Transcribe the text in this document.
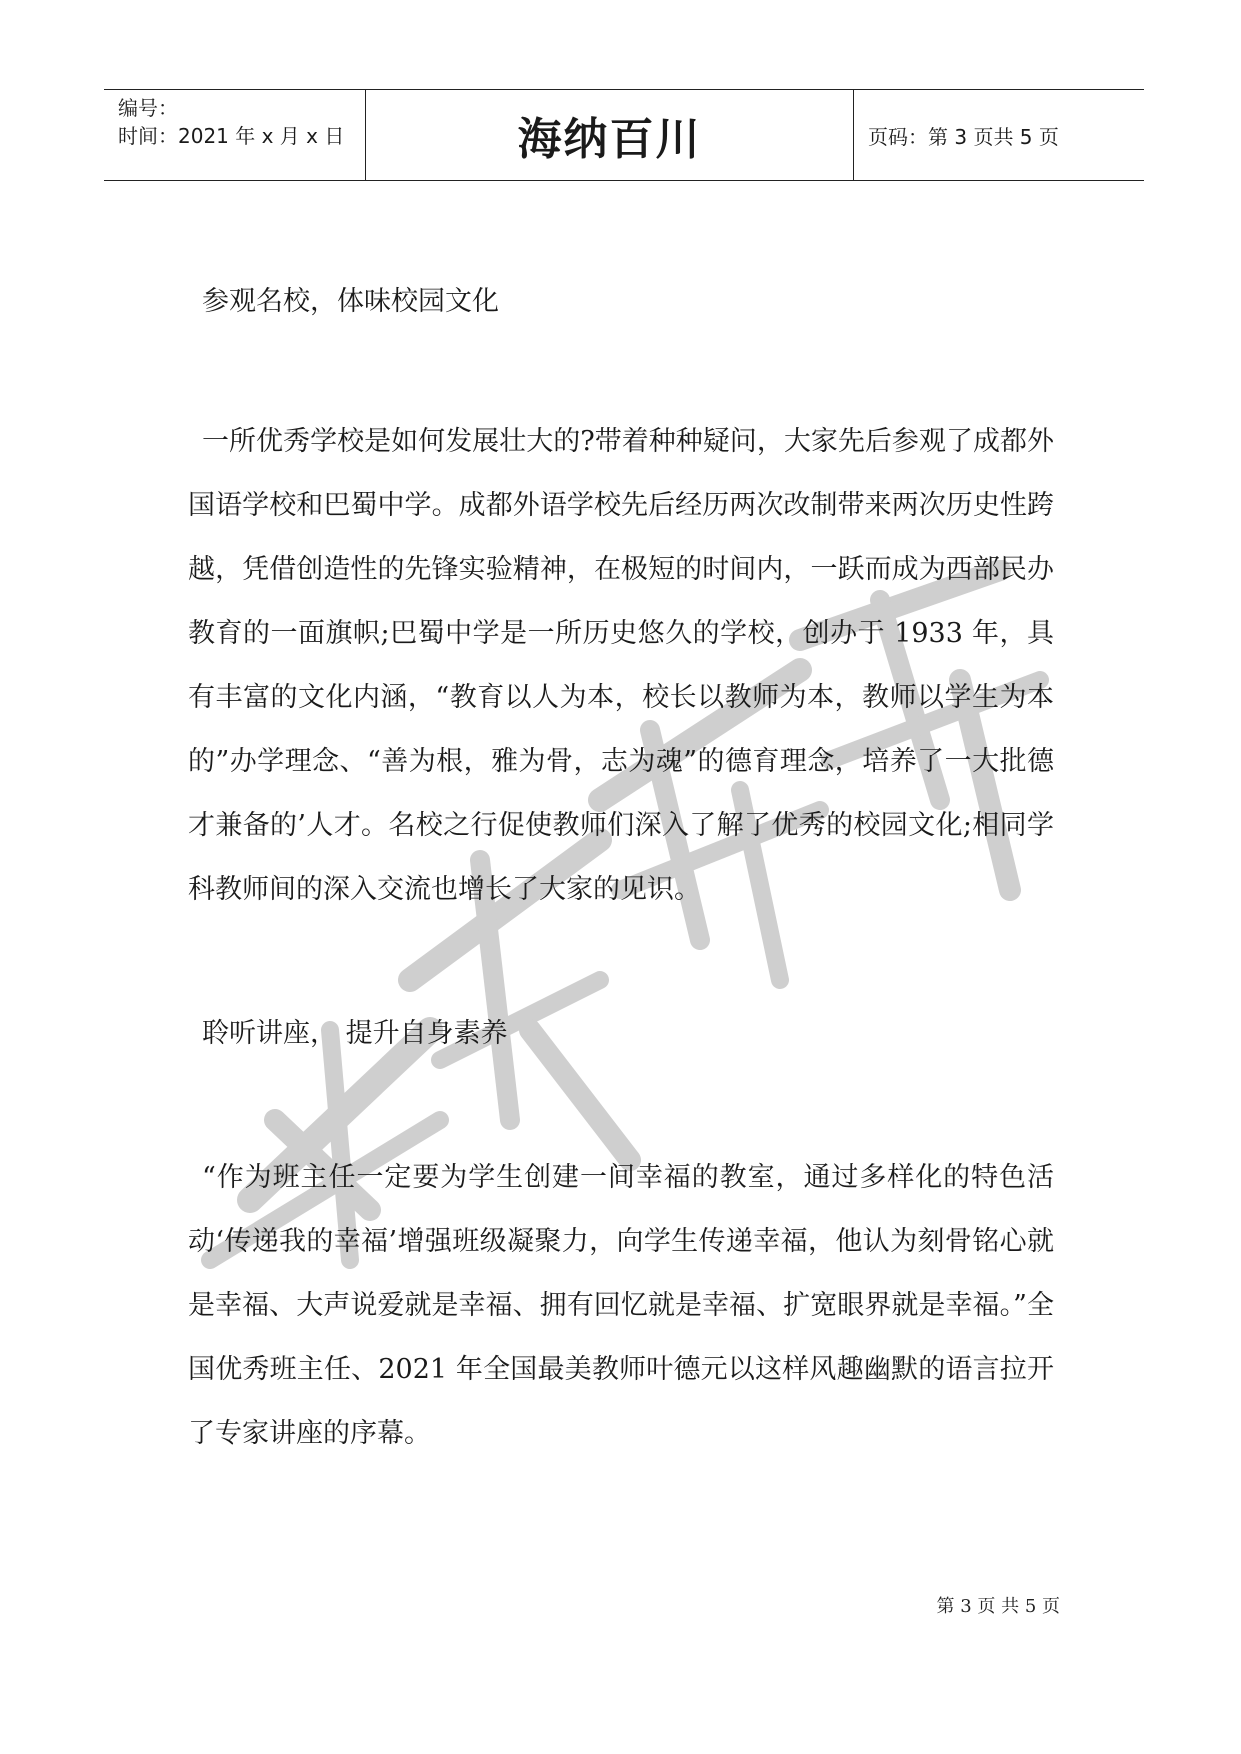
编号：
时间：2021 年 x 月 x 日	海纳百川	页码：第 3 页共 5 页

参观名校，体味校园文化

一所优秀学校是如何发展壮大的?带着种种疑问，大家先后参观了成都外国语学校和巴蜀中学。成都外语学校先后经历两次改制带来两次历史性跨越，凭借创造性的先锋实验精神，在极短的时间内，一跃而成为西部民办教育的一面旗帜;巴蜀中学是一所历史悠久的学校，创办于 1933 年，具有丰富的文化内涵，“教育以人为本，校长以教师为本，教师以学生为本的”办学理念、“善为根，雅为骨，志为魂”的德育理念，培养了一大批德才兼备的’人才。名校之行促使教师们深入了解了优秀的校园文化;相同学科教师间的深入交流也增长了大家的见识。

聆听讲座， 提升自身素养

“作为班主任一定要为学生创建一间幸福的教室，通过多样化的特色活动‘传递我的幸福’增强班级凝聚力，向学生传递幸福，他认为刻骨铭心就是幸福、大声说爱就是幸福、拥有回忆就是幸福、扩宽眼界就是幸福。”全国优秀班主任、2021 年全国最美教师叶德元以这样风趣幽默的语言拉开了专家讲座的序幕。

第 3 页 共 5 页
